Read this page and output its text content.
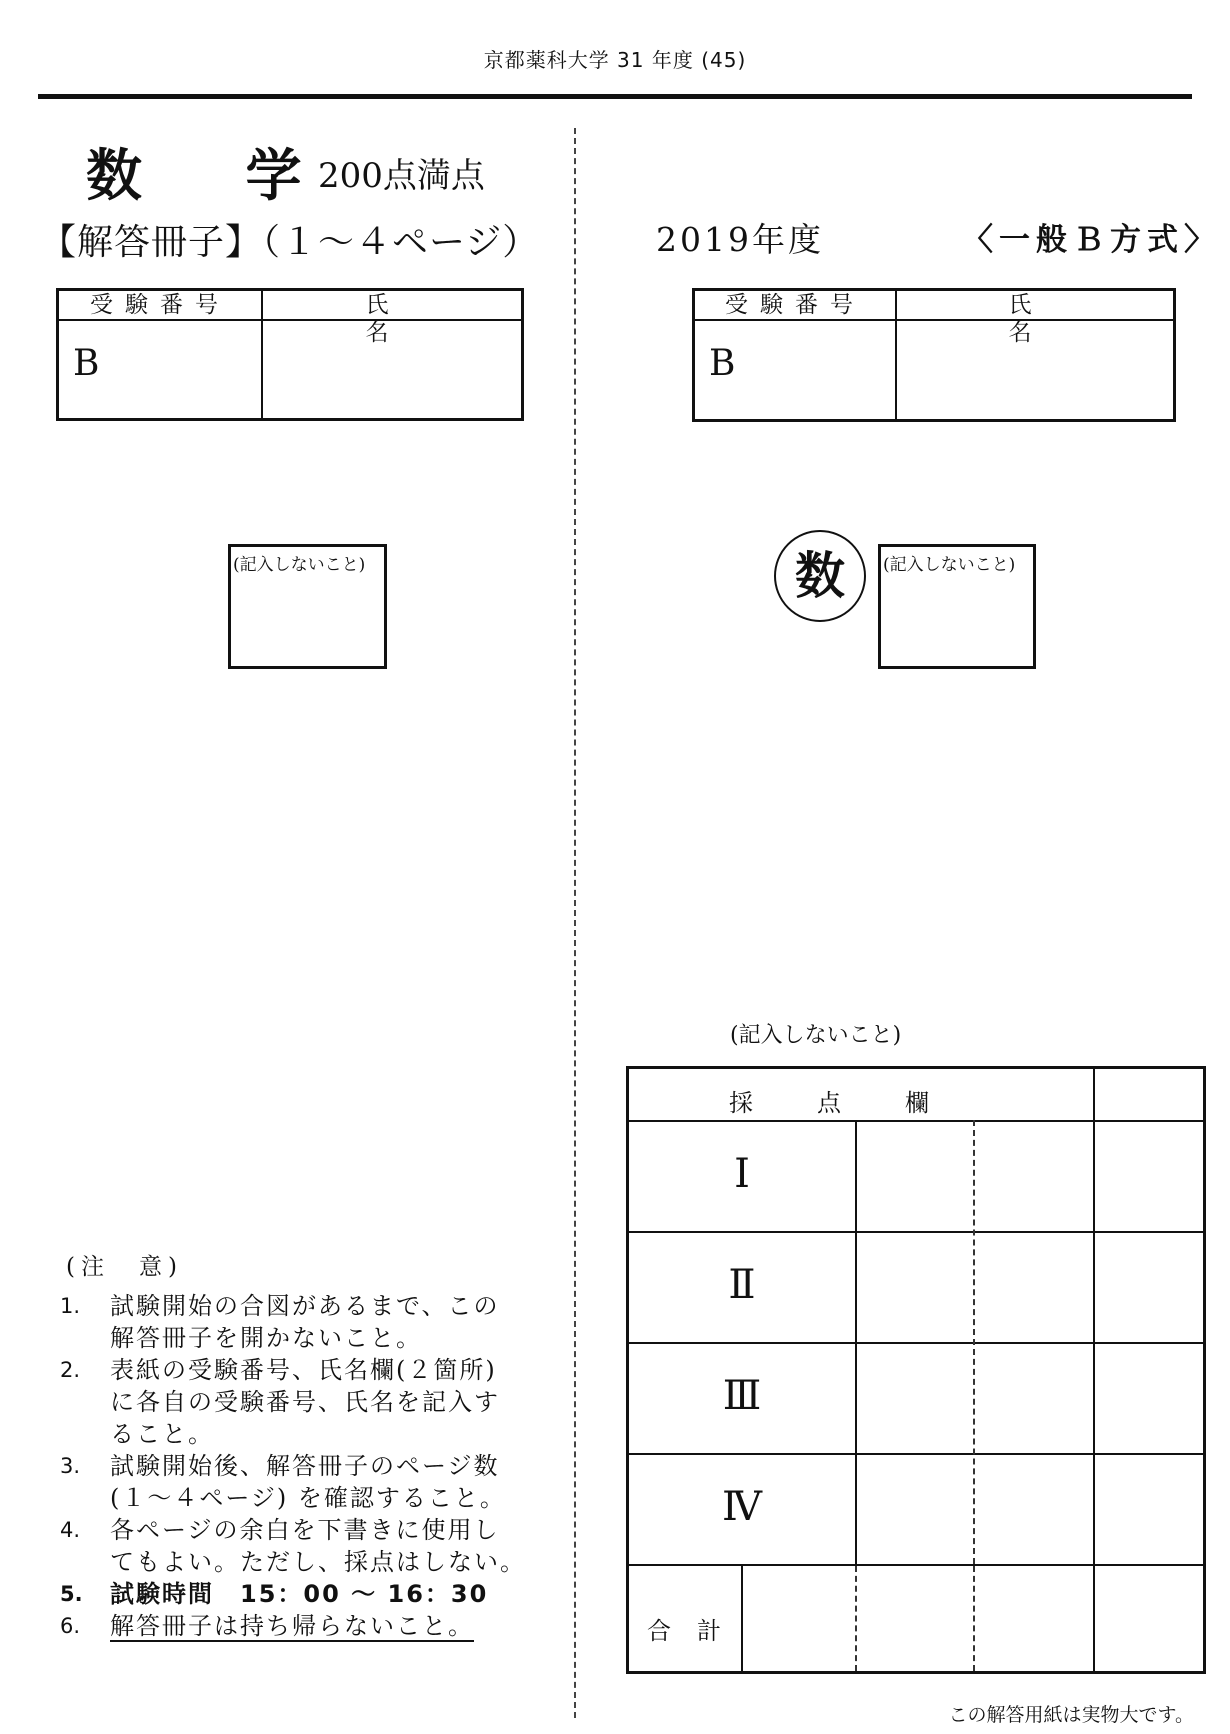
京都薬科大学 31 年度 (45)
数 学
200点満点
【解答冊子】（１～４ページ）
受験番号	氏名
B
(記入しないこと)
(注　意)
1.	試験開始の合図があるまで、この
解答冊子を開かないこと。
2.	表紙の受験番号、氏名欄(２箇所)
に各自の受験番号、氏名を記入す
ること。
3.	試験開始後、解答冊子のページ数
(１～４ページ) を確認すること。
4.	各ページの余白を下書きに使用し
てもよい。ただし、採点はしない。
5.	試験時間　15：00 ～ 16：30
6.	解答冊子は持ち帰らないこと。
2019年度	〈一般Ｂ方式〉
受験番号	氏名
B
数	(記入しないこと)
(記入しないこと)
採点欄
Ⅰ
Ⅱ
Ⅲ
Ⅳ
合計
この解答用紙は実物大です。
